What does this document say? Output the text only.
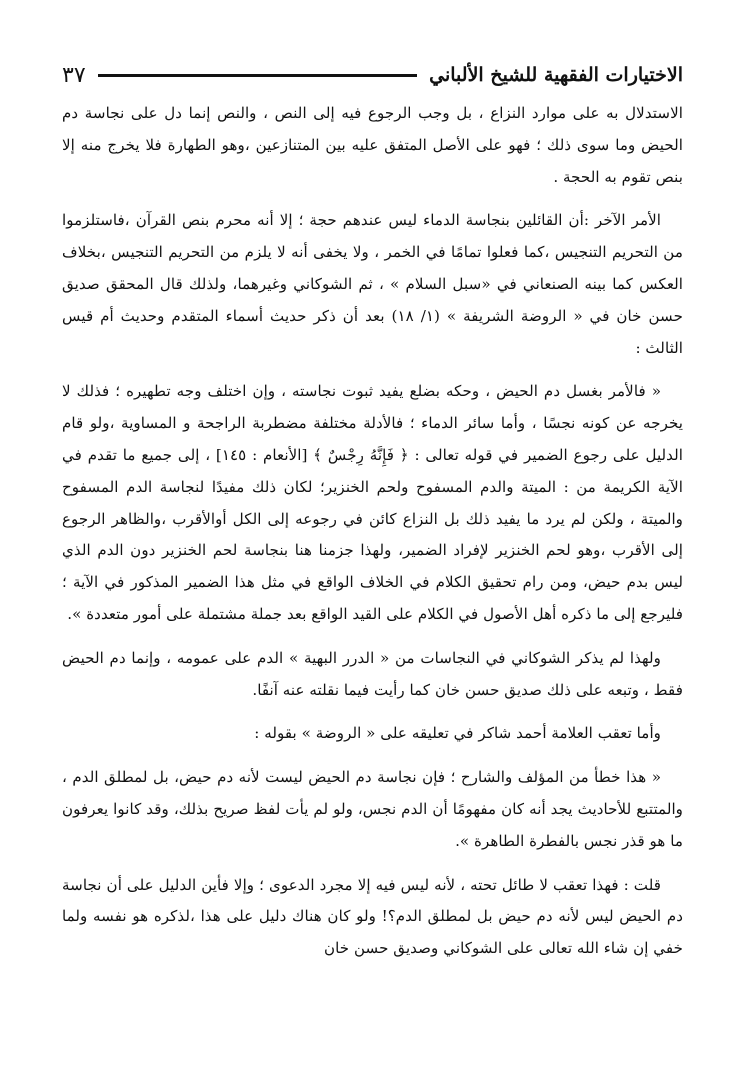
الاختيارات الفقهية للشيخ الألباني
٣٧

الاستدلال به على موارد النزاع ، بل وجب الرجوع فيه إلى النص ، والنص إنما دل على نجاسة دم الحيض وما سوى ذلك ؛ فهو على الأصل المتفق عليه بين المتنازعين ،وهو الطهارة فلا يخرج منه إلا بنص تقوم به الحجة .

الأمر الآخر :أن القائلين بنجاسة الدماء ليس عندهم حجة ؛ إلا أنه محرم بنص القرآن ،فاستلزموا من التحريم التنجيس ،كما فعلوا تمامًا في الخمر ، ولا يخفى أنه لا يلزم من التحريم التنجيس ،بخلاف العكس كما بينه الصنعاني في «سبل السلام » ، ثم الشوكاني وغيرهما، ولذلك قال المحقق صديق حسن خان في « الروضة الشريفة » (١/ ١٨) بعد أن ذكر حديث أسماء المتقدم وحديث أم قيس الثالث :

« فالأمر بغسل دم الحيض ، وحكه بضلع يفيد ثبوت نجاسته ، وإن اختلف وجه تطهيره ؛ فذلك لا يخرجه عن كونه نجسًا ، وأما سائر الدماء ؛ فالأدلة مختلفة مضطربة الراجحة و المساوية ،ولو قام الدليل على رجوع الضمير في قوله تعالى : ﴿ فَإِنَّهُ رِجْسٌ ﴾ [الأنعام : ١٤٥] ، إلى جميع ما تقدم في الآية الكريمة من : الميتة والدم المسفوح ولحم الخنزير؛ لكان ذلك مفيدًا لنجاسة الدم المسفوح والميتة ، ولكن لم يرد ما يفيد ذلك بل النزاع كائن في رجوعه إلى الكل أوالأقرب ،والظاهر الرجوع إلى الأقرب ،وهو لحم الخنزير لإفراد الضمير، ولهذا جزمنا هنا بنجاسة لحم الخنزير دون الدم الذي ليس بدم حيض، ومن رام تحقيق الكلام في الخلاف الواقع في مثل هذا الضمير المذكور في الآية ؛ فليرجع إلى ما ذكره أهل الأصول في الكلام على القيد الواقع بعد جملة مشتملة على أمور متعددة ».

ولهذا لم يذكر الشوكاني في النجاسات من « الدرر البهية » الدم على عمومه ، وإنما دم الحيض فقط ، وتبعه على ذلك صديق حسن خان كما رأيت فيما نقلته عنه آنفًا.

وأما تعقب العلامة أحمد شاكر في تعليقه على « الروضة » بقوله :

« هذا خطأ من المؤلف والشارح ؛ فإن نجاسة دم الحيض ليست لأنه دم حيض، بل لمطلق الدم ، والمتتبع للأحاديث يجد أنه كان مفهومًا أن الدم نجس، ولو لم يأت لفظ صريح بذلك، وقد كانوا يعرفون ما هو قذر نجس بالفطرة الطاهرة ».

قلت : فهذا تعقب لا طائل تحته ، لأنه ليس فيه إلا مجرد الدعوى ؛ وإلا فأين الدليل على أن نجاسة دم الحيض ليس لأنه دم حيض بل لمطلق الدم؟! ولو كان هناك دليل على هذا ،لذكره هو نفسه ولما خفي إن شاء الله تعالى على الشوكاني وصديق حسن خان
